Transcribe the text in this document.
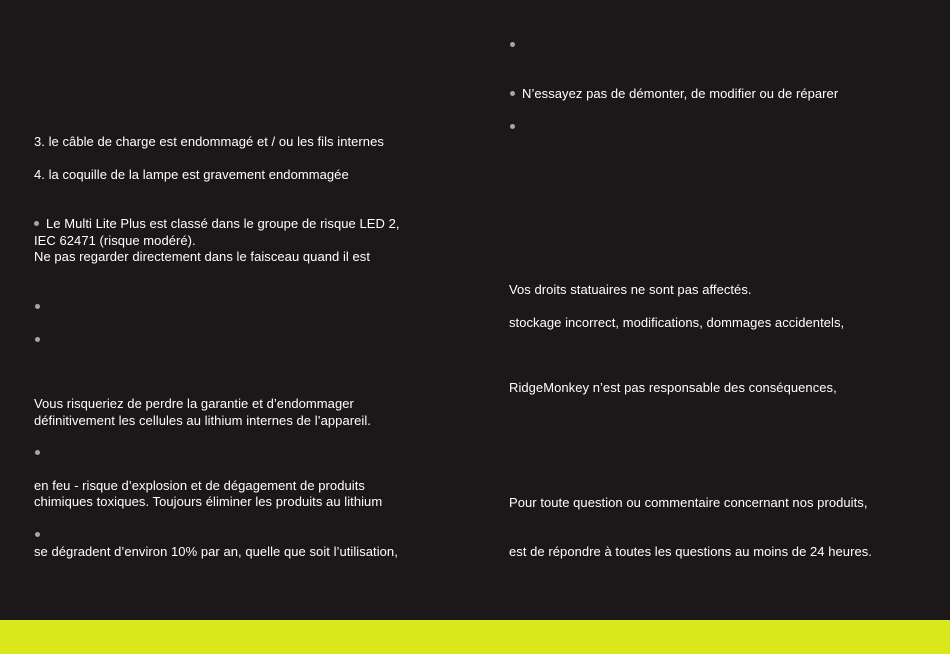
3. le câble de charge est endommagé et / ou les fils internes
4. la coquille de la lampe est gravement endommagée
Le Multi Lite Plus est classé dans le groupe de risque LED 2,
IEC 62471 (risque modéré).
Ne pas regarder directement dans le faisceau quand il est
Vous risqueriez de perdre la garantie et d’endommager
définitivement les cellules au lithium internes de l’appareil.
en feu - risque d’explosion et de dégagement de produits
chimiques toxiques. Toujours éliminer les produits au lithium
se dégradent d’environ 10% par an, quelle que soit l’utilisation,
N’essayez pas de démonter, de modifier ou de réparer
Vos droits statuaires ne sont pas affectés.
stockage incorrect, modifications, dommages accidentels,
RidgeMonkey n’est pas responsable des conséquences,
Pour toute question ou commentaire concernant nos produits,
est de répondre à toutes les questions au moins de 24 heures.
